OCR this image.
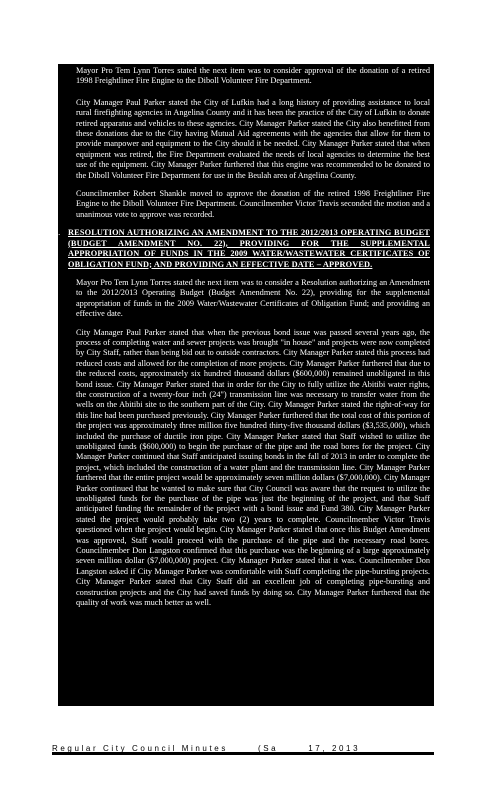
Mayor Pro Tem Lynn Torres stated the next item was to consider approval of the donation of a retired 1998 Freightliner Fire Engine to the Diboll Volunteer Fire Department.

City Manager Paul Parker stated the City of Lufkin had a long history of providing assistance to local rural firefighting agencies in Angelina County and it has been the practice of the City of Lufkin to donate retired apparatus and vehicles to these agencies. City Manager Parker stated the City also benefitted from these donations due to the City having Mutual Aid agreements with the agencies that allow for them to provide manpower and equipment to the City should it be needed. City Manager Parker stated that when equipment was retired, the Fire Department evaluated the needs of local agencies to determine the best use of the equipment. City Manager Parker furthered that this engine was recommended to be donated to the Diboll Volunteer Fire Department for use in the Beulah area of Angelina County.

Councilmember Robert Shankle moved to approve the donation of the retired 1998 Freightliner Fire Engine to the Diboll Volunteer Fire Department. Councilmember Victor Travis seconded the motion and a unanimous vote to approve was recorded.

9. RESOLUTION AUTHORIZING AN AMENDMENT TO THE 2012/2013 OPERATING BUDGET (BUDGET AMENDMENT NO. 22), PROVIDING FOR THE SUPPLEMENTAL APPROPRIATION OF FUNDS IN THE 2009 WATER/WASTEWATER CERTIFICATES OF OBLIGATION FUND; AND PROVIDING AN EFFECTIVE DATE – APPROVED.

Mayor Pro Tem Lynn Torres stated the next item was to consider a Resolution authorizing an Amendment to the 2012/2013 Operating Budget (Budget Amendment No. 22), providing for the supplemental appropriation of funds in the 2009 Water/Wastewater Certificates of Obligation Fund; and providing an effective date.

City Manager Paul Parker stated that when the previous bond issue was passed several years ago, the process of completing water and sewer projects was brought "in house" and projects were now completed by City Staff, rather than being bid out to outside contractors. City Manager Parker stated this process had reduced costs and allowed for the completion of more projects. City Manager Parker furthered that due to the reduced costs, approximately six hundred thousand dollars ($600,000) remained unobligated in this bond issue. City Manager Parker stated that in order for the City to fully utilize the Abitibi water rights, the construction of a twenty-four inch (24") transmission line was necessary to transfer water from the wells on the Abitibi site to the southern part of the City. City Manager Parker stated the right-of-way for this line had been purchased previously. City Manager Parker furthered that the total cost of this portion of the project was approximately three million five hundred thirty-five thousand dollars ($3,535,000), which included the purchase of ductile iron pipe. City Manager Parker stated that Staff wished to utilize the unobligated funds ($600,000) to begin the purchase of the pipe and the road bores for the project. City Manager Parker continued that Staff anticipated issuing bonds in the fall of 2013 in order to complete the project, which included the construction of a water plant and the transmission line. City Manager Parker furthered that the entire project would be approximately seven million dollars ($7,000,000). City Manager Parker continued that he wanted to make sure that City Council was aware that the request to utilize the unobligated funds for the purchase of the pipe was just the beginning of the project, and that Staff anticipated funding the remainder of the project with a bond issue and Fund 380. City Manager Parker stated the project would probably take two (2) years to complete. Councilmember Victor Travis questioned when the project would begin. City Manager Parker stated that once this Budget Amendment was approved, Staff would proceed with the purchase of the pipe and the necessary road bores. Councilmember Don Langston confirmed that this purchase was the beginning of a large approximately seven million dollar ($7,000,000) project. City Manager Parker stated that it was. Councilmember Don Langston asked if City Manager Parker was comfortable with Staff completing the pipe-bursting projects. City Manager Parker stated that City Staff did an excellent job of completing pipe-bursting and construction projects and the City had saved funds by doing so. City Manager Parker furthered that the quality of work was much better as well.

Regular City Council Minutes	(Sa	17, 2013
